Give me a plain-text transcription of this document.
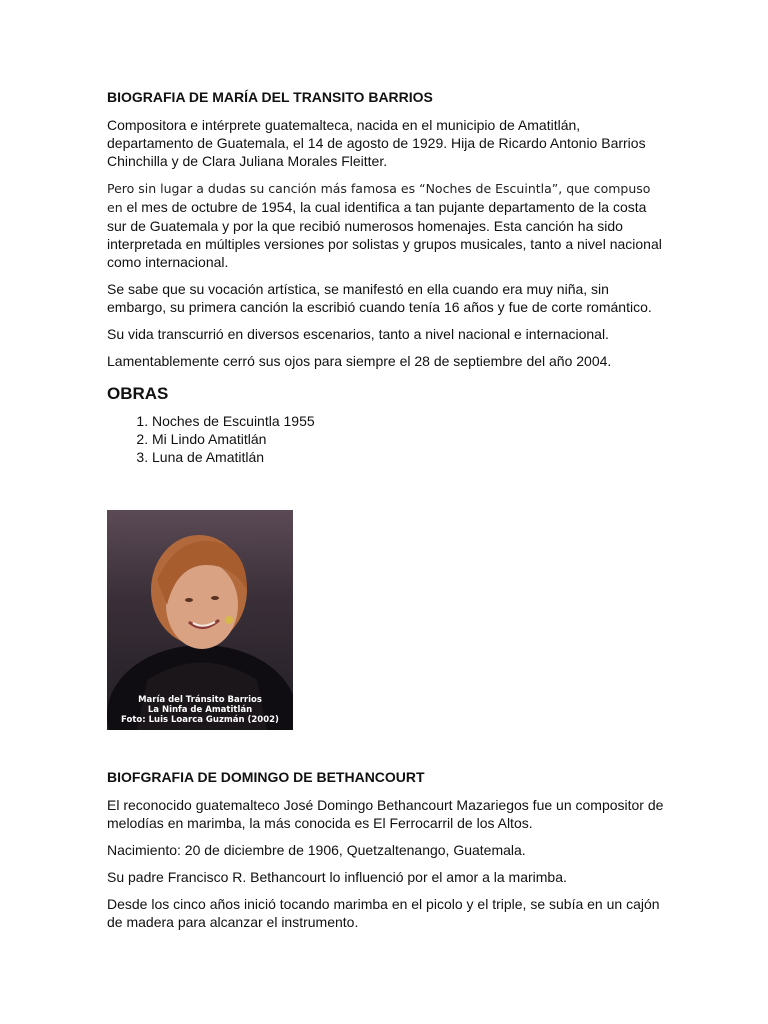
BIOGRAFIA DE MARÍA DEL TRANSITO BARRIOS
Compositora e intérprete guatemalteca, nacida en el municipio de Amatitlán, departamento de Guatemala, el 14 de agosto de 1929. Hija de Ricardo Antonio Barrios Chinchilla y de Clara Juliana Morales Fleitter.
Pero sin lugar a dudas su canción más famosa es “Noches de Escuintla”, que compuso en el mes de octubre de 1954, la cual identifica a tan pujante departamento de la costa sur de Guatemala y por la que recibió numerosos homenajes. Esta canción ha sido interpretada en múltiples versiones por solistas y grupos musicales, tanto a nivel nacional como internacional.
Se sabe que su vocación artística, se manifestó en ella cuando era muy niña, sin embargo, su primera canción la escribió cuando tenía 16 años y fue de corte romántico.
Su vida transcurrió en diversos escenarios, tanto a nivel nacional e internacional.
Lamentablemente cerró sus ojos para siempre el 28 de septiembre del año 2004.
OBRAS
1. Noches de Escuintla 1955
2. Mi Lindo Amatitlán
3. Luna de Amatitlán
María del Tránsito Barrios
La Ninfa de Amatitlán
Foto: Luis Loarca Guzmán (2002)
BIOFGRAFIA DE DOMINGO DE BETHANCOURT
El reconocido guatemalteco José Domingo Bethancourt Mazariegos fue un compositor de melodías en marimba, la más conocida es El Ferrocarril de los Altos.
Nacimiento: 20 de diciembre de 1906, Quetzaltenango, Guatemala.
Su padre Francisco R. Bethancourt lo influenció por el amor a la marimba.
Desde los cinco años inició tocando marimba en el picolo y el triple, se subía en un cajón de madera para alcanzar el instrumento.
